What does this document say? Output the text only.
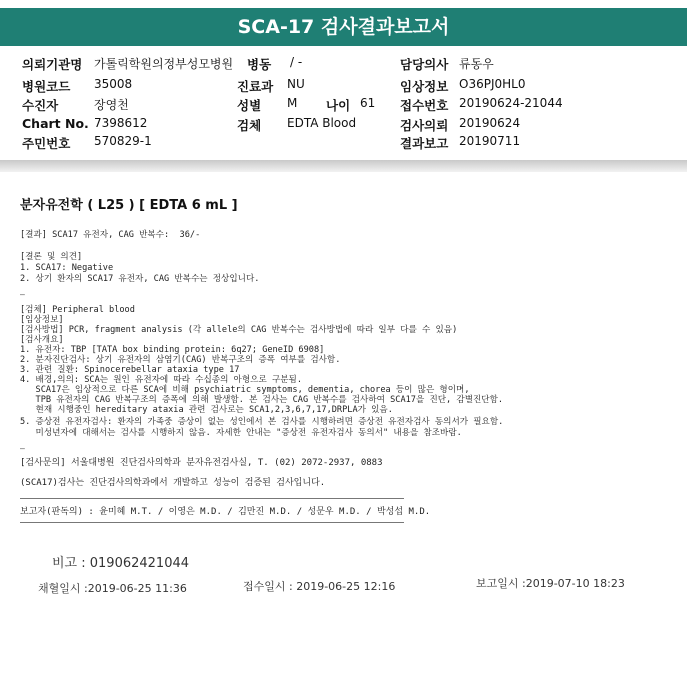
SCA-17 검사결과보고서
의뢰기관명 가톨릭학원의정부성모병원 병동 / -	담당의사 류동우
병원코드 35008	진료과 NU	임상정보 O36PJ0HL0
수진자	장영천	성별 M 나이 61 접수번호 20190624-21044
Chart No. 7398612	검체 EDTA Blood	검사의뢰 20190624
주민번호 570829-1	결과보고 20190711
분자유전학 ( L25 ) [ EDTA 6 mL ]
[결과] SCA17 유전자, CAG 반복수:  36/-
[결론 및 의견]
1. SCA17: Negative
2. 상기 환자의 SCA17 유전자, CAG 반복수는 정상입니다.
—
[검체] Peripheral blood
[임상정보]
[검사방법] PCR, fragment analysis (각 allele의 CAG 반복수는 검사방법에 따라 일부 다를 수 있음)
[검사개요]
1. 유전자: TBP [TATA box binding protein: 6q27; GeneID 6908]
2. 분자진단검사: 상기 유전자의 삼염기(CAG) 반복구조의 증폭 여부를 검사함.
3. 관련 질환: Spinocerebellar ataxia type 17
4. 배경,의의: SCA는 원인 유전자에 따라 수십종의 아형으로 구분됨.
SCA17은 임상적으로 다른 SCA에 비해 psychiatric symptoms, dementia, chorea 등이 많은 형이며,
TPB 유전자의 CAG 반복구조의 증폭에 의해 발생함. 본 검사는 CAG 반복수를 검사하여 SCA17을 진단, 감별진단함.
현재 시행중인 hereditary ataxia 관련 검사로는 SCA1,2,3,6,7,17,DRPLA가 있음.
5. 증상전 유전자검사: 환자의 가족중 증상이 없는 성인에서 본 검사를 시행하려면 증상전 유전자검사 동의서가 필요함.
미성년자에 대해서는 검사를 시행하지 않음. 자세한 안내는 "증상전 유전자검사 동의서" 내용을 참조바람.
—
[검사문의] 서울대병원 진단검사의학과 분자유전검사실, T. (02) 2072-2937, 0883
(SCA17)검사는 진단검사의학과에서 개발하고 성능이 검증된 검사입니다.
보고자(판독의) : 윤미혜 M.T. / 이영은 M.D. / 김만진 M.D. / 성문우 M.D. / 박성섭 M.D.
비고 : 019062421044
채혈일시 :2019-06-25 11:36	접수일시 : 2019-06-25 12:16	보고일시 :2019-07-10 18:23
